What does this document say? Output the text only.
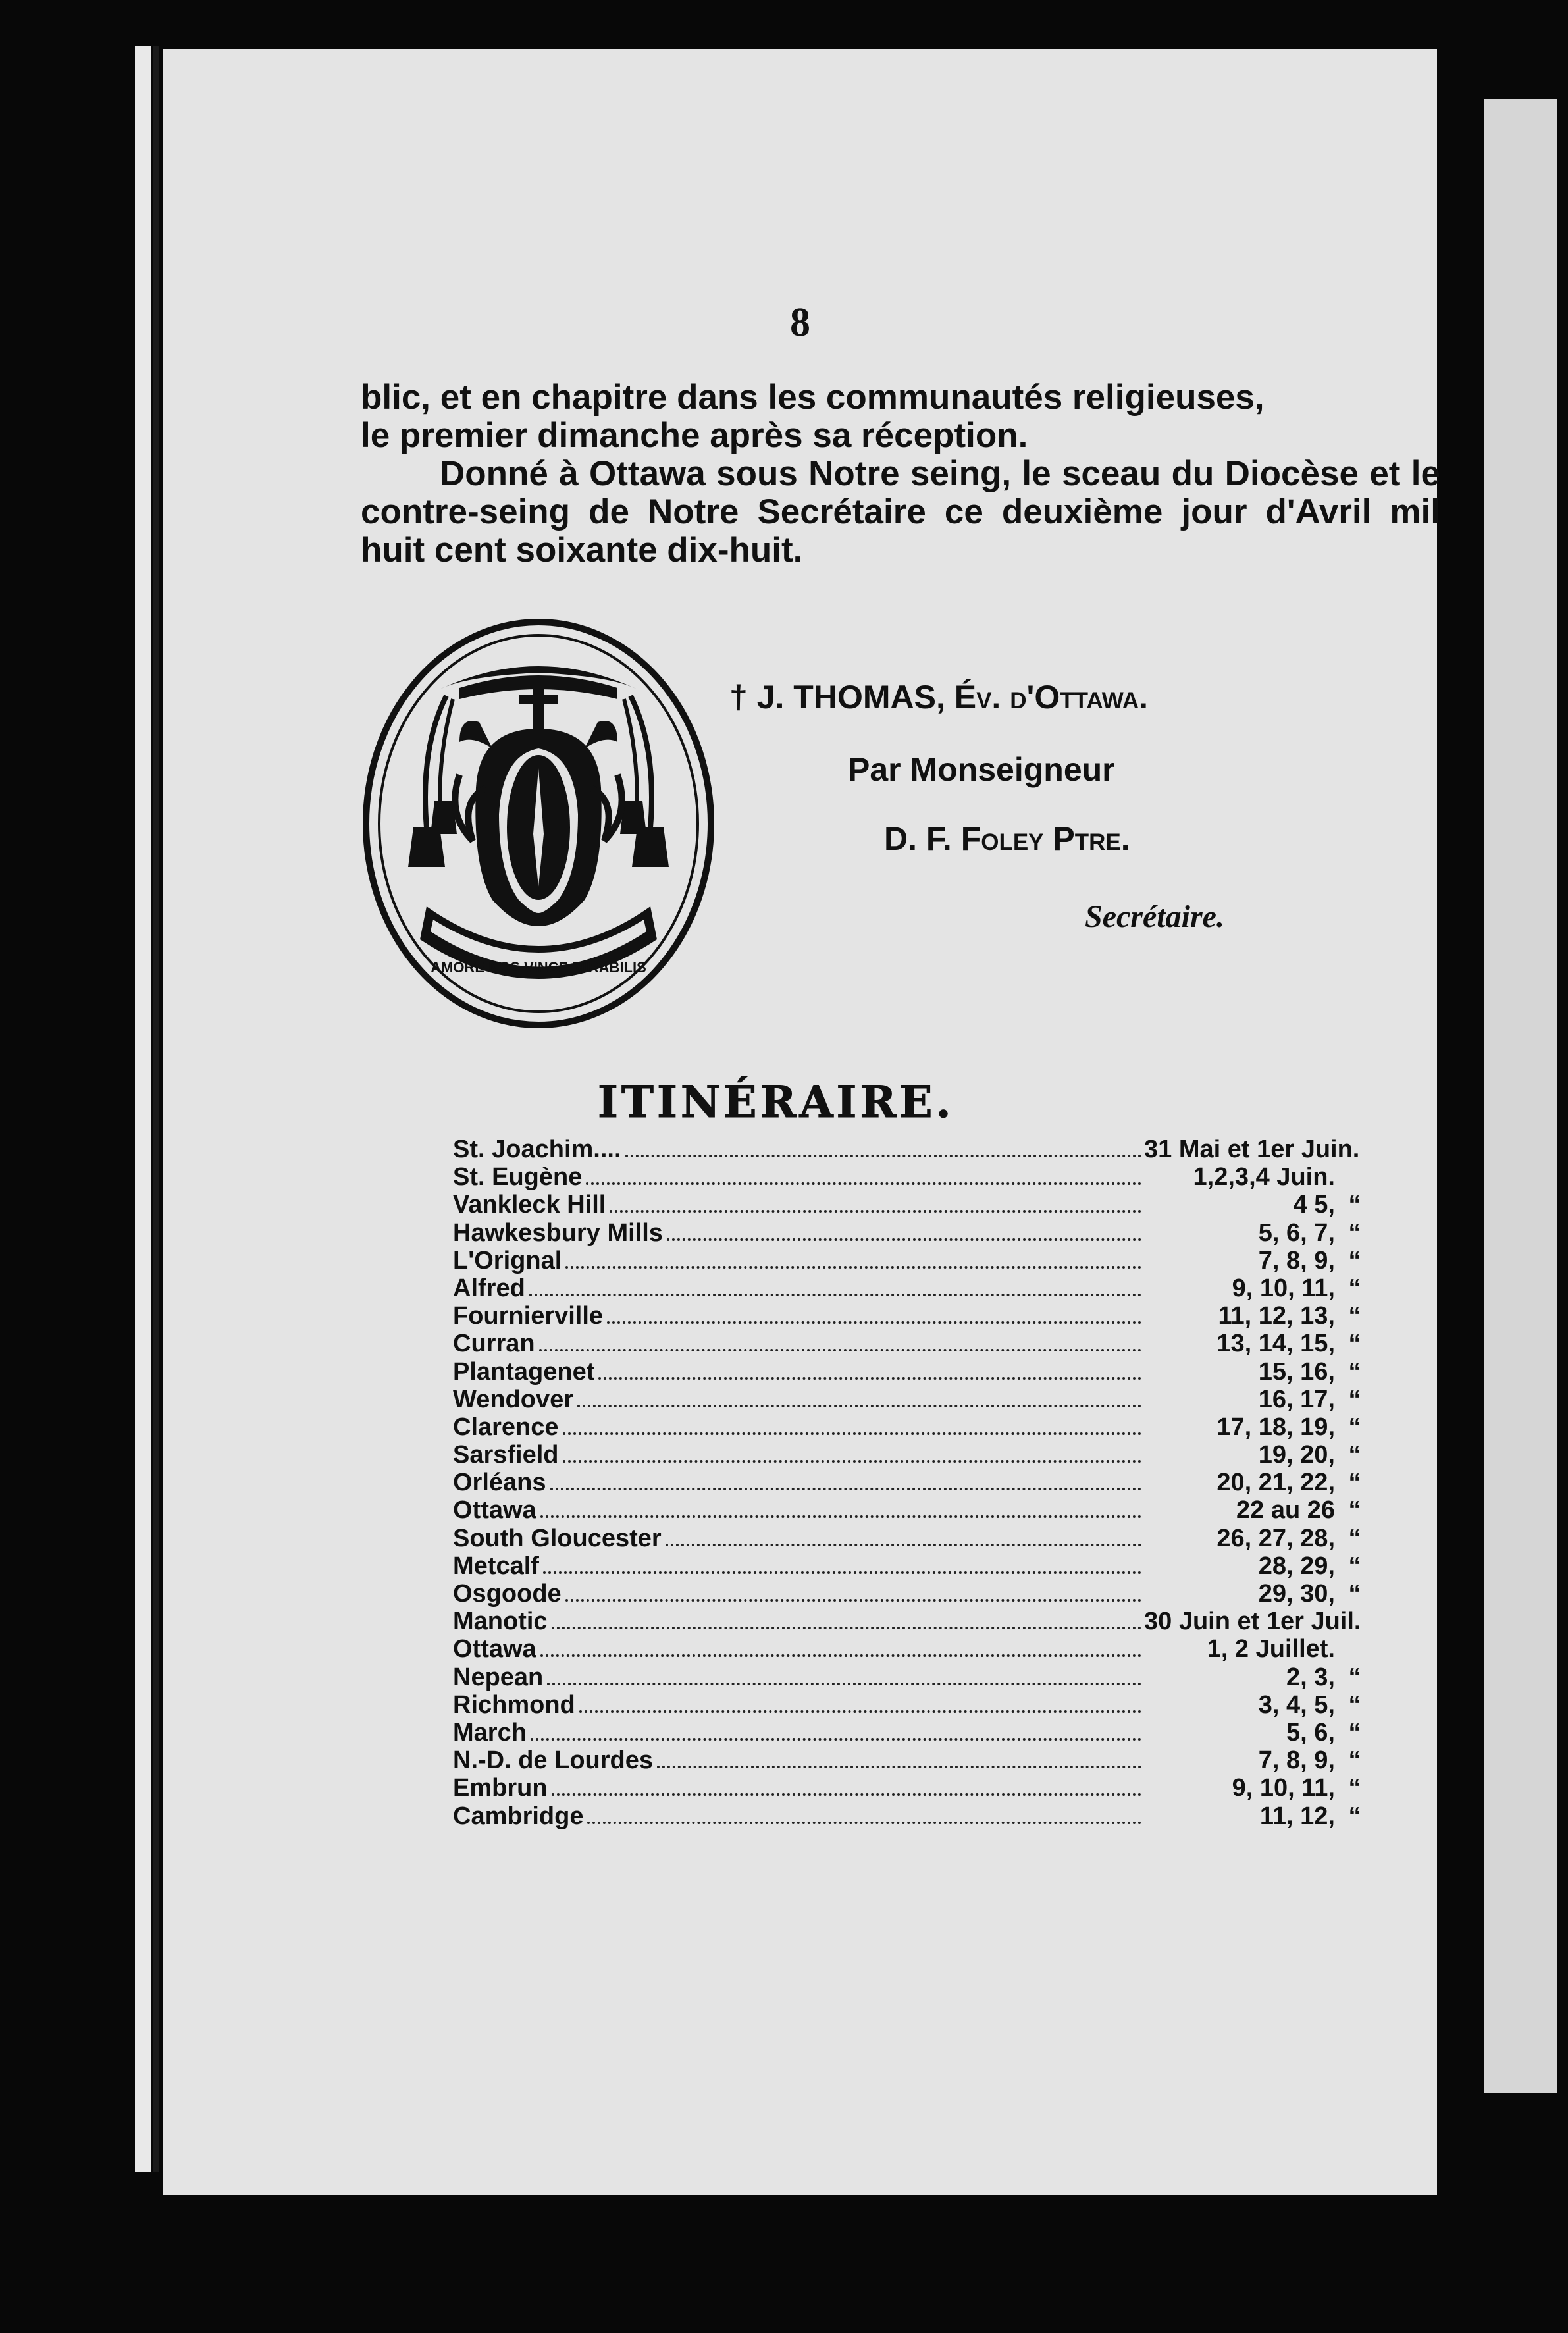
8

blic, et en chapitre dans les communautés religieuses,

le premier dimanche après sa réception.

Donné à Ottawa sous Notre seing, le sceau du Diocèse et le contre-seing de Notre Secrétaire ce deuxième jour d'Avril mil huit cent soixante dix-huit.

AMORE NOS VINCE MIRABILIS
† J. THOMAS, Év. d'Ottawa.
Par Monseigneur
D. F. Foley Ptre.
Secrétaire.
ITINÉRAIRE.
St. Joachim....	31 Mai et 1er Juin.
St. Eugène	1,2,3,4 Juin.
Vankleck Hill	4 5, “
Hawkesbury Mills	5, 6, 7, “
L'Orignal	7, 8, 9, “
Alfred	9, 10, 11, “
Fournierville	11, 12, 13, “
Curran	13, 14, 15, “
Plantagenet	15, 16, “
Wendover	16, 17, “
Clarence	17, 18, 19, “
Sarsfield	19, 20, “
Orléans	20, 21, 22, “
Ottawa	22 au 26 “
South Gloucester	26, 27, 28, “
Metcalf	28, 29, “
Osgoode	29, 30, “
Manotic	30 Juin et 1er Juil.
Ottawa	1, 2 Juillet.
Nepean	2, 3, “
Richmond	3, 4, 5, “
March	5, 6, “
N.-D. de Lourdes	7, 8, 9, “
Embrun	9, 10, 11, “
Cambridge	11, 12, “
